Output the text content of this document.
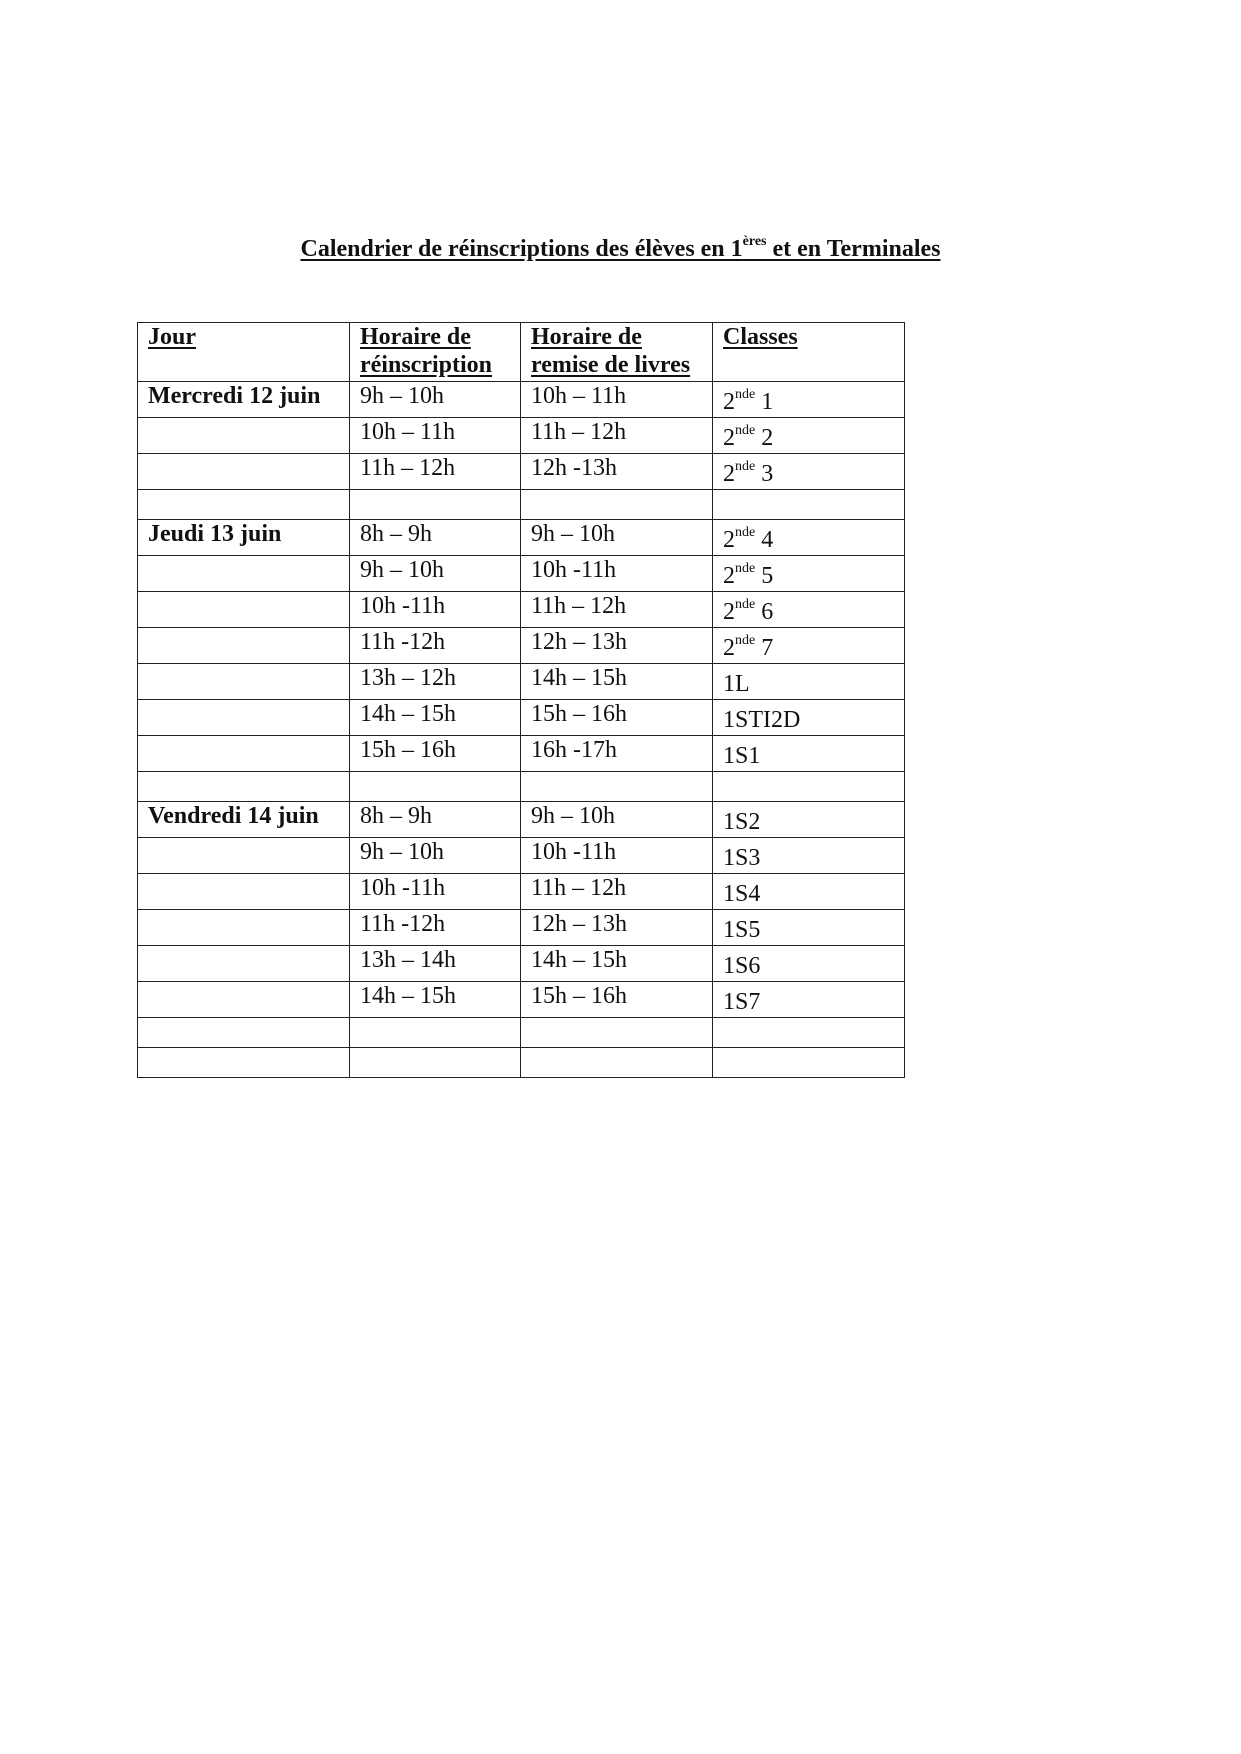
Calendrier de réinscriptions des élèves en 1ères et en Terminales
Jour	Horaire de réinscription	Horaire de remise de livres	Classes
Mercredi 12 juin	9h – 10h	10h – 11h	2nde 1
	10h – 11h	11h – 12h	2nde 2
	11h – 12h	12h -13h	2nde 3

Jeudi 13 juin	8h – 9h	9h – 10h	2nde 4
	9h – 10h	10h -11h	2nde 5
	10h -11h	11h – 12h	2nde 6
	11h -12h	12h – 13h	2nde 7
	13h – 12h	14h – 15h	1L
	14h – 15h	15h – 16h	1STI2D
	15h – 16h	16h -17h	1S1

Vendredi 14 juin	8h – 9h	9h – 10h	1S2
	9h – 10h	10h -11h	1S3
	10h -11h	11h – 12h	1S4
	11h -12h	12h – 13h	1S5
	13h – 14h	14h – 15h	1S6
	14h – 15h	15h – 16h	1S7
